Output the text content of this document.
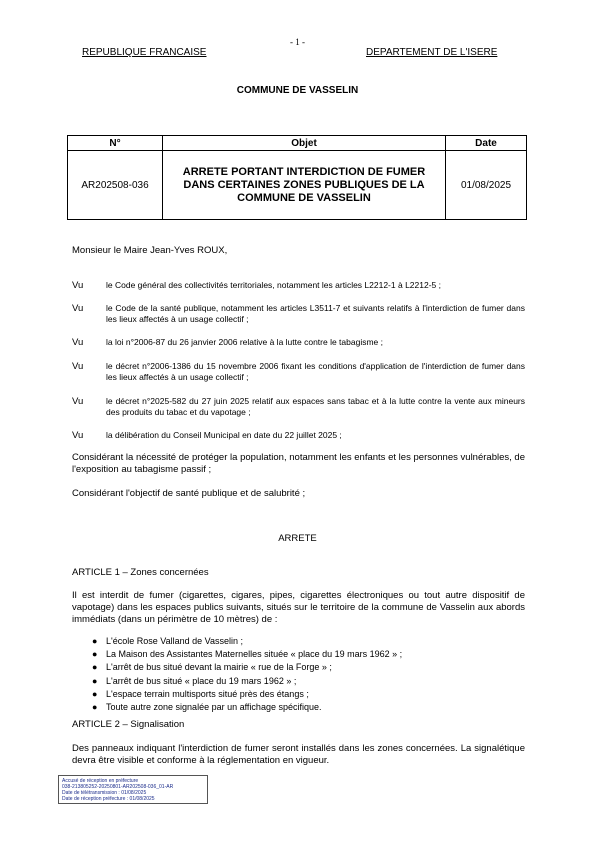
- 1 -
REPUBLIQUE FRANCAISE	DEPARTEMENT DE L'ISERE
COMMUNE DE VASSELIN
N°	Objet	Date
AR202508-036	ARRETE PORTANT INTERDICTION DE FUMER DANS CERTAINES ZONES PUBLIQUES DE LA COMMUNE DE VASSELIN	01/08/2025
Monsieur le Maire Jean-Yves ROUX,
Vu	le Code général des collectivités territoriales, notamment les articles L2212-1 à L2212-5 ;
Vu	le Code de la santé publique, notamment les articles L3511-7 et suivants relatifs à l'interdiction de fumer dans les lieux affectés à un usage collectif ;
Vu	la loi n°2006-87 du 26 janvier 2006 relative à la lutte contre le tabagisme ;
Vu	le décret n°2006-1386 du 15 novembre 2006 fixant les conditions d'application de l'interdiction de fumer dans les lieux affectés à un usage collectif ;
Vu	le décret n°2025-582 du 27 juin 2025 relatif aux espaces sans tabac et à la lutte contre la vente aux mineurs des produits du tabac et du vapotage ;
Vu	la délibération du Conseil Municipal en date du 22 juillet 2025 ;
Considérant la nécessité de protéger la population, notamment les enfants et les personnes vulnérables, de l'exposition au tabagisme passif ;
Considérant l'objectif de santé publique et de salubrité ;
ARRETE
ARTICLE 1 – Zones concernées
Il est interdit de fumer (cigarettes, cigares, pipes, cigarettes électroniques ou tout autre dispositif de vapotage) dans les espaces publics suivants, situés sur le territoire de la commune de Vasselin aux abords immédiats (dans un périmètre de 10 mètres) de :
● L'école Rose Valland de Vasselin ;
● La Maison des Assistantes Maternelles située « place du 19 mars 1962 » ;
● L'arrêt de bus situé devant la mairie « rue de la Forge » ;
● L'arrêt de bus situé « place du 19 mars 1962 » ;
● L'espace terrain multisports situé près des étangs ;
● Toute autre zone signalée par un affichage spécifique.
ARTICLE 2 – Signalisation
Des panneaux indiquant l'interdiction de fumer seront installés dans les zones concernées. La signalétique devra être visible et conforme à la réglementation en vigueur.
Accusé de réception en préfecture
038-213805252-20250801-AR202508-036_01-AR
Date de télétransmission : 01/08/2025
Date de réception préfecture : 01/08/2025
